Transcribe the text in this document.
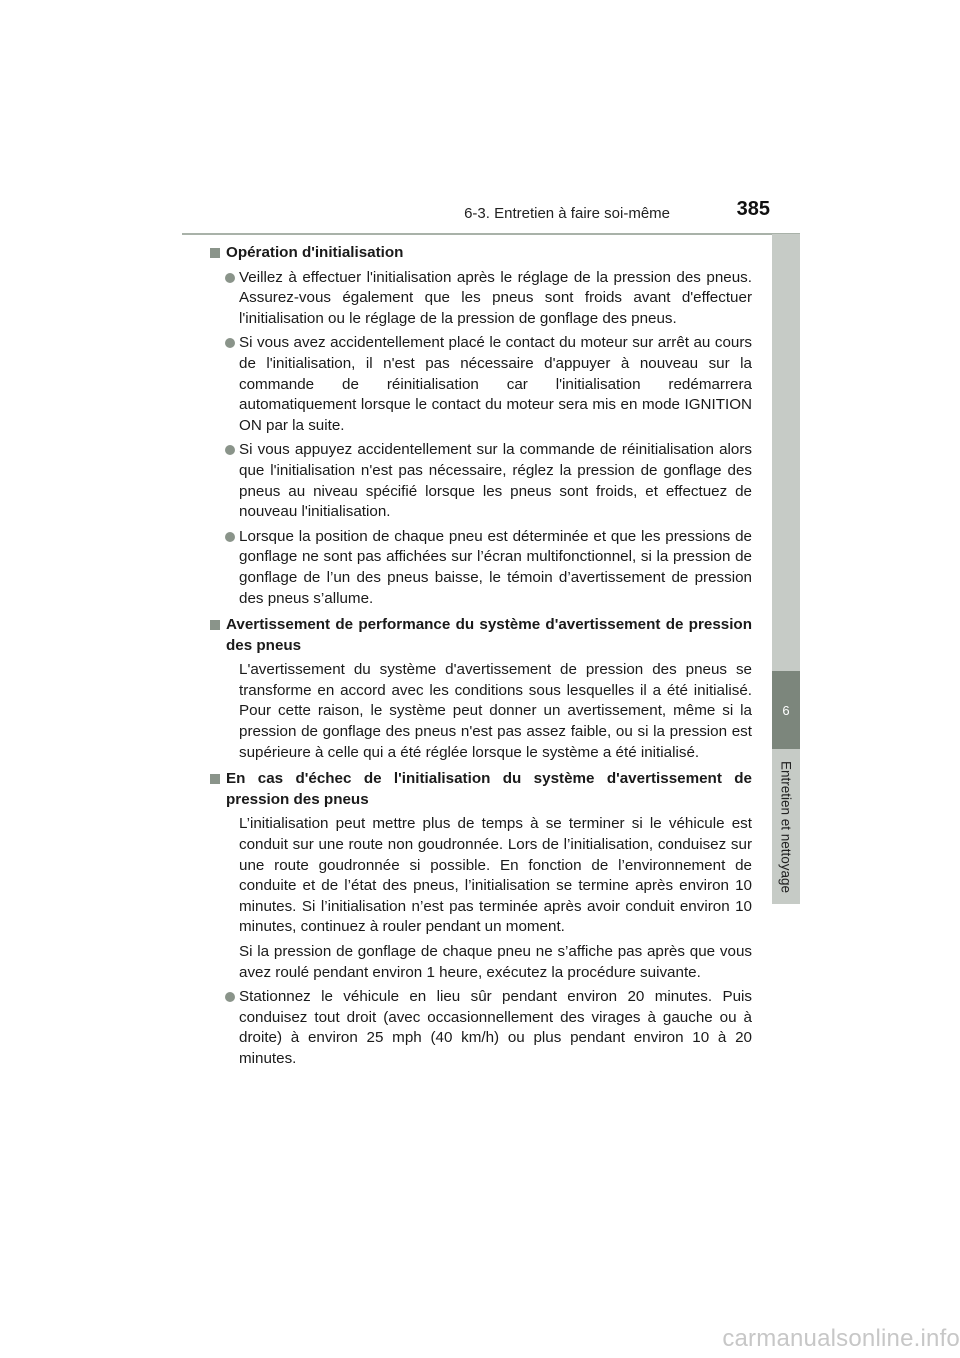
6-3. Entretien à faire soi-même	385
6
Entretien et nettoyage
Opération d'initialisation
Veillez à effectuer l'initialisation après le réglage de la pression des pneus. Assurez-vous également que les pneus sont froids avant d'effectuer l'initialisation ou le réglage de la pression de gonflage des pneus.
Si vous avez accidentellement placé le contact du moteur sur arrêt au cours de l'initialisation, il n'est pas nécessaire d'appuyer à nouveau sur la commande de réinitialisation car l'initialisation redémarrera automatiquement lorsque le contact du moteur sera mis en mode IGNITION ON par la suite.
Si vous appuyez accidentellement sur la commande de réinitialisation alors que l'initialisation n'est pas nécessaire, réglez la pression de gonflage des pneus au niveau spécifié lorsque les pneus sont froids, et effectuez de nouveau l'initialisation.
Lorsque la position de chaque pneu est déterminée et que les pressions de gonflage ne sont pas affichées sur l’écran multifonctionnel, si la pression de gonflage de l’un des pneus baisse, le témoin d’avertissement de pression des pneus s’allume.
Avertissement de performance du système d'avertissement de pression des pneus
L'avertissement du système d'avertissement de pression des pneus se transforme en accord avec les conditions sous lesquelles il a été initialisé. Pour cette raison, le système peut donner un avertissement, même si la pression de gonflage des pneus n'est pas assez faible, ou si la pression est supérieure à celle qui a été réglée lorsque le système a été initialisé.
En cas d'échec de l'initialisation du système d'avertissement de pression des pneus
L’initialisation peut mettre plus de temps à se terminer si le véhicule est conduit sur une route non goudronnée. Lors de l’initialisation, conduisez sur une route goudronnée si possible. En fonction de l’environnement de conduite et de l’état des pneus, l’initialisation se termine après environ 10 minutes. Si l’initialisation n’est pas terminée après avoir conduit environ 10 minutes, continuez à rouler pendant un moment.
Si la pression de gonflage de chaque pneu ne s’affiche pas après que vous avez roulé pendant environ 1 heure, exécutez la procédure suivante.
Stationnez le véhicule en lieu sûr pendant environ 20 minutes. Puis conduisez tout droit (avec occasionnellement des virages à gauche ou à droite) à environ 25 mph (40 km/h) ou plus pendant environ 10 à 20 minutes.
carmanualsonline.info
